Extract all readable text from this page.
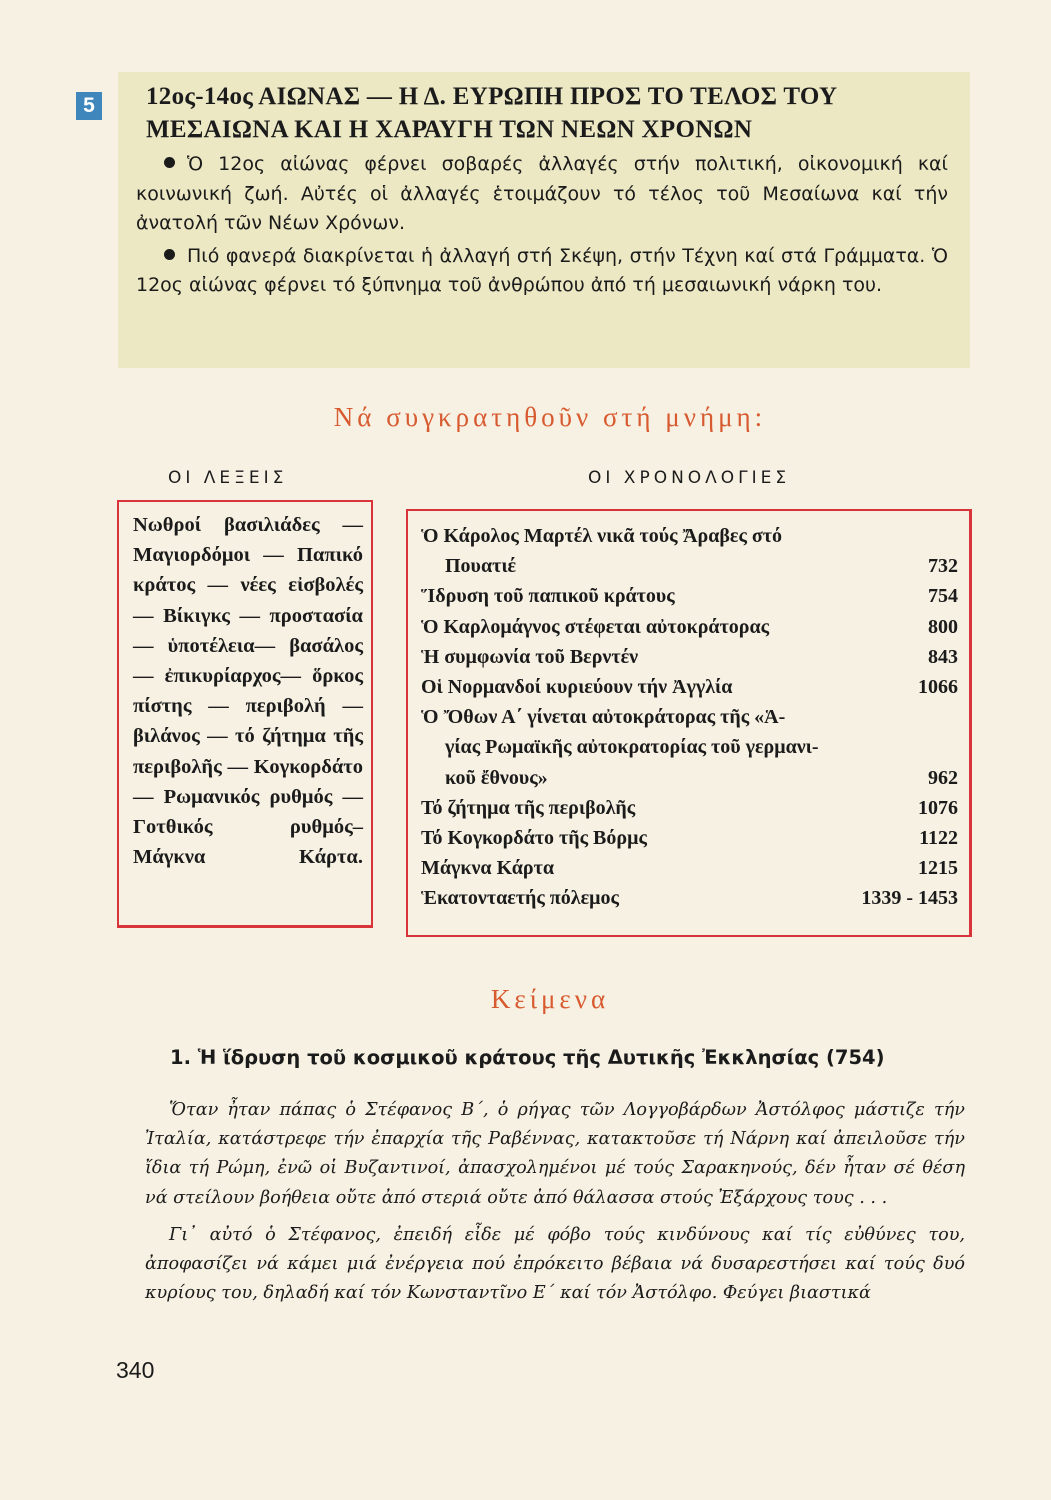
5 12ος-14ος ΑΙΩΝΑΣ — Η Δ. ΕΥΡΩΠΗ ΠΡΟΣ ΤΟ ΤΕΛΟΣ ΤΟΥ ΜΕΣΑΙΩΝΑ ΚΑΙ Η ΧΑΡΑΥΓΗ ΤΩΝ ΝΕΩΝ ΧΡΟΝΩΝ

Ὁ 12ος αἰώνας φέρνει σοβαρές ἀλλαγές στήν πολιτική, οἰκονομική καί κοινωνική ζωή. Αὐτές οἱ ἀλλαγές ἑτοιμάζουν τό τέλος τοῦ Μεσαίωνα καί τήν ἀνατολή τῶν Νέων Χρόνων.

Πιό φανερά διακρίνεται ἡ ἀλλαγή στή Σκέψη, στήν Τέχνη καί στά Γράμματα. Ὁ 12ος αἰώνας φέρνει τό ξύπνημα τοῦ ἀνθρώπου ἀπό τή μεσαιωνική νάρκη του.

Νά συγκρατηθοῦν στή μνήμη:
ΟΙ ΛΕΞΕΙΣ	ΟΙ ΧΡΟΝΟΛΟΓΙΕΣ
Νωθροί βασιλιάδες — Μαγιορδόμοι — Παπικό κράτος — νέες εἰσβολές — Βίκιγκς — προστασία — ὑποτέλεια— βασάλος — ἐπικυρίαρχος— ὅρκος πίστης — περιβολή — βιλάνος — τό ζήτημα τῆς περιβολῆς — Κογκορδάτο — Ρωμανικός ρυθμός —Γοτθικός ρυθμός–Μάγκνα Κάρτα.
Ὁ Κάρολος Μαρτέλ νικᾶ τούς Ἄραβες στό
Πουατιέ	732
Ἵδρυση τοῦ παπικοῦ κράτους	754
Ὁ Καρλομάγνος στέφεται αὐτοκράτορας	800
Ἡ συμφωνία τοῦ Βερντέν	843
Οἱ Νορμανδοί κυριεύουν τήν Ἀγγλία	1066
Ὁ Ὄθων Α΄ γίνεται αὐτοκράτορας τῆς «Ἁ-
γίας Ρωμαϊκῆς αὐτοκρατορίας τοῦ γερμανι-
κοῦ ἔθνους»	962
Τό ζήτημα τῆς περιβολῆς	1076
Τό Κογκορδάτο τῆς Βόρμς	1122
Μάγκνα Κάρτα	1215
Ἑκατονταετής πόλεμος	1339 - 1453
Κείμενα
1. Ἡ ἵδρυση τοῦ κοσμικοῦ κράτους τῆς Δυτικῆς Ἐκκλησίας (754)

Ὅταν ἦταν πάπας ὁ Στέφανος Β΄, ὁ ρήγας τῶν Λογγοβάρδων Ἀστόλφος μάστιζε τήν Ἰταλία, κατάστρεφε τήν ἐπαρχία τῆς Ραβέννας, κατακτοῦσε τή Νάρνη καί ἀπειλοῦσε τήν ἴδια τή Ρώμη, ἐνῶ οἱ Βυζαντινοί, ἀπασχολημένοι μέ τούς Σαρακηνούς, δέν ἦταν σέ θέση νά στείλουν βοήθεια οὔτε ἀπό στεριά οὔτε ἀπό θάλασσα στούς Ἐξάρχους τους . . .

Γι᾽ αὐτό ὁ Στέφανος, ἐπειδή εἶδε μέ φόβο τούς κινδύνους καί τίς εὐθύνες του, ἀποφασίζει νά κάμει μιά ἐνέργεια πού ἐπρόκειτο βέβαια νά δυσαρεστήσει καί τούς δυό κυρίους του, δηλαδή καί τόν Κωνσταντῖνο Ε΄ καί τόν Ἀστόλφο. Φεύγει βιαστικά

340
